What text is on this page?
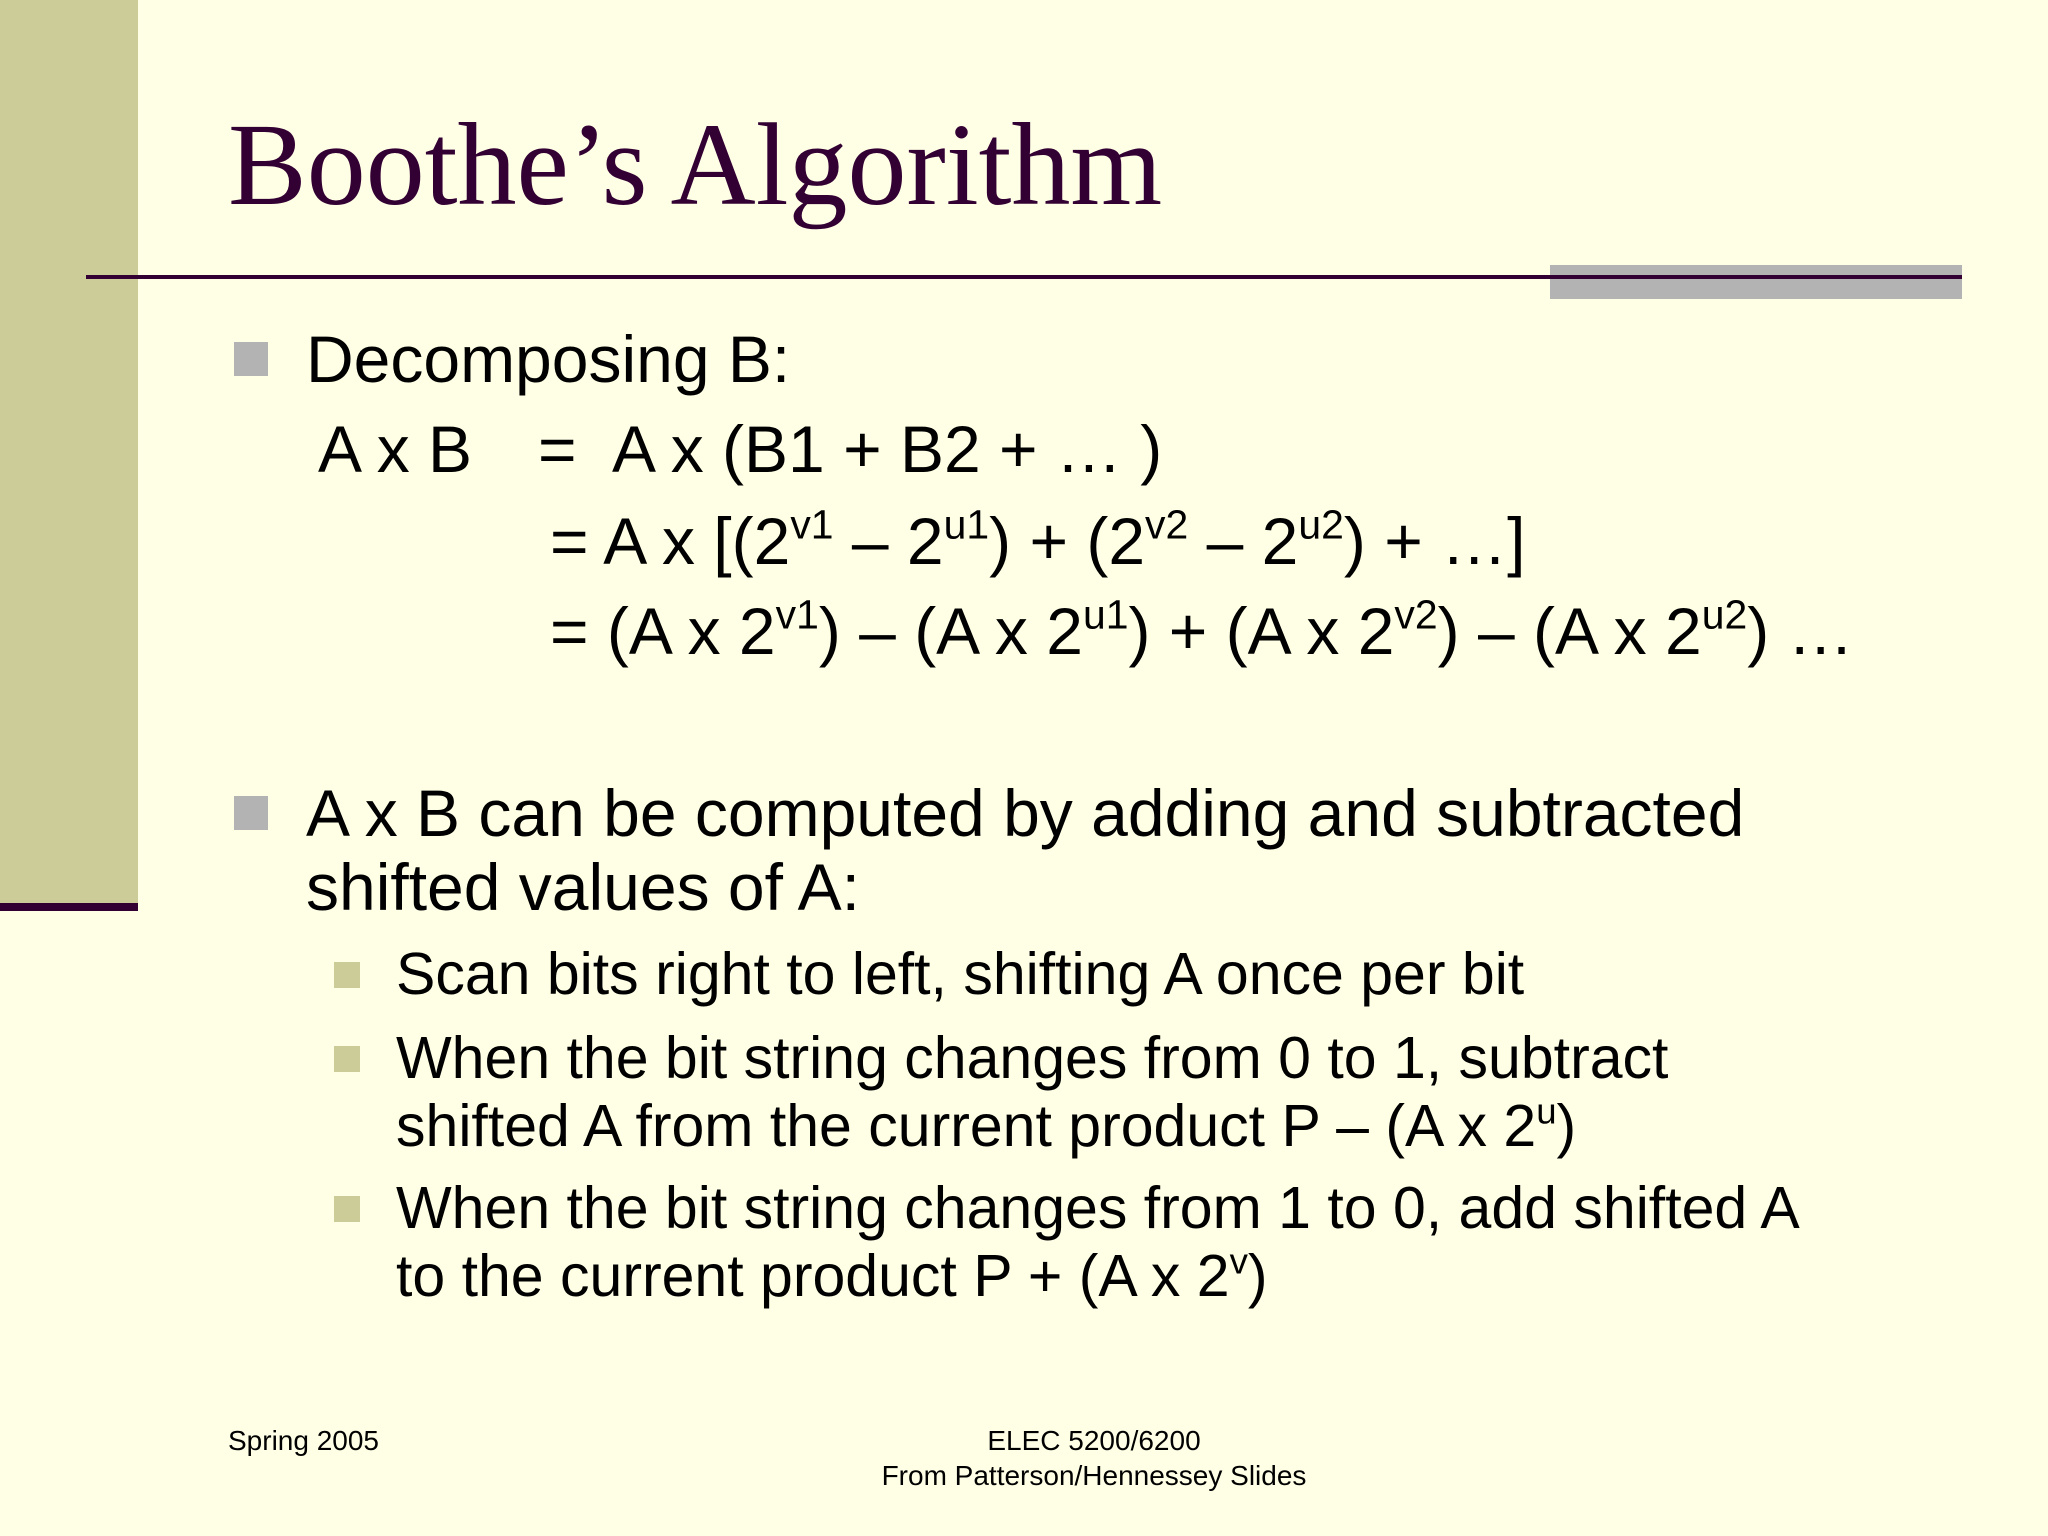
Boothe’s Algorithm
Decomposing B:
A x B = A x (B1 + B2 + … )
= A x [$(2^{v1} - 2^{u1}) + (2^{v2} - 2^{u2})$ + …]
= (A x $2^{v1}) - (A$ x $2^{u1}) + (A$ x $2^{v2}) - (A$ x $2^{u2}$) …
A x B can be computed by adding and subtracted
shifted values of A:
Scan bits right to left, shifting A once per bit
When the bit string changes from 0 to 1, subtract
shifted A from the current product P – (A x 2$^u$)
When the bit string changes from 1 to 0, add shifted A
to the current product P + (A x 2$^v$)
Spring 2005	ELEC 5200/6200
From Patterson/Hennessey Slides
